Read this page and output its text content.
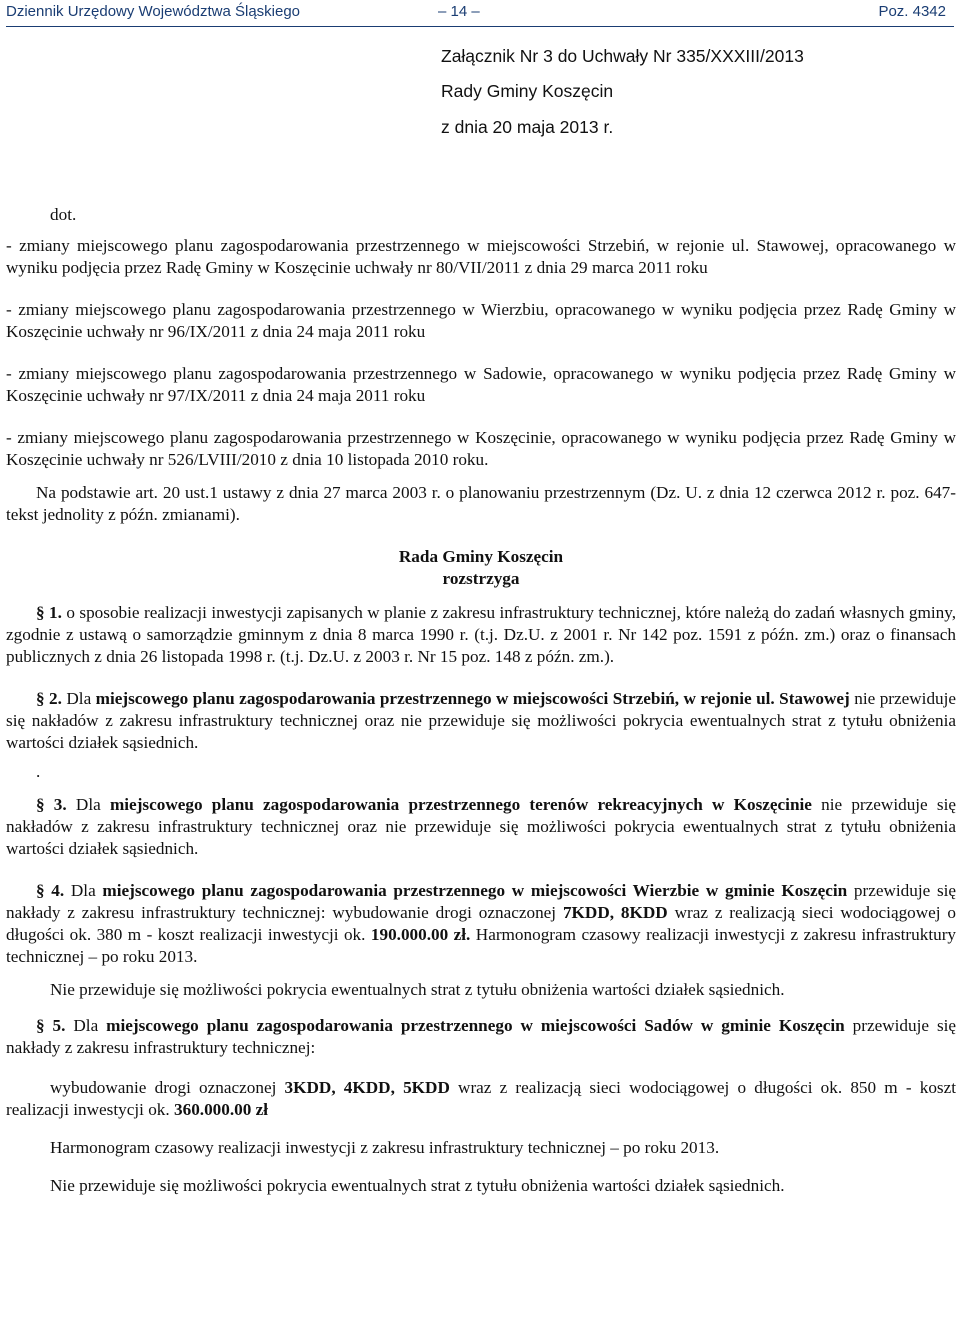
Dziennik Urzędowy Województwa Śląskiego	– 14 –	Poz. 4342
Załącznik Nr 3 do Uchwały Nr 335/XXXIII/2013
Rady Gminy Koszęcin
z dnia 20 maja 2013 r.

dot.

- zmiany miejscowego planu zagospodarowania przestrzennego w miejscowości Strzebiń, w rejonie ul. Stawowej, opracowanego w wyniku podjęcia przez Radę Gminy w Koszęcinie uchwały nr 80/VII/2011 z dnia 29 marca 2011 roku

- zmiany miejscowego planu zagospodarowania przestrzennego w Wierzbiu, opracowanego w wyniku podjęcia przez Radę Gminy w Koszęcinie uchwały nr 96/IX/2011 z dnia 24 maja 2011 roku

- zmiany miejscowego planu zagospodarowania przestrzennego w Sadowie, opracowanego w wyniku podjęcia przez Radę Gminy w Koszęcinie uchwały nr 97/IX/2011 z dnia 24 maja 2011 roku

- zmiany miejscowego planu zagospodarowania przestrzennego w Koszęcinie, opracowanego w wyniku podjęcia przez Radę Gminy w Koszęcinie uchwały nr 526/LVIII/2010 z dnia 10 listopada 2010 roku.

Na podstawie art. 20 ust.1 ustawy z dnia 27 marca 2003 r. o planowaniu przestrzennym (Dz. U. z dnia 12 czerwca 2012 r. poz. 647- tekst jednolity z późn. zmianami).

Rada Gminy Koszęcin

rozstrzyga

§ 1. o sposobie realizacji inwestycji zapisanych w planie z zakresu infrastruktury technicznej, które należą do zadań własnych gminy, zgodnie z ustawą o samorządzie gminnym z dnia 8 marca 1990 r. (t.j. Dz.U. z 2001 r. Nr 142 poz. 1591 z późn. zm.) oraz o finansach publicznych z dnia 26 listopada 1998 r. (t.j. Dz.U. z 2003 r. Nr 15 poz. 148 z późn. zm.).

§ 2. Dla miejscowego planu zagospodarowania przestrzennego w miejscowości Strzebiń, w rejonie ul. Stawowej nie przewiduje się nakładów z zakresu infrastruktury technicznej oraz nie przewiduje się możliwości pokrycia ewentualnych strat z tytułu obniżenia wartości działek sąsiednich.

.

§ 3. Dla miejscowego planu zagospodarowania przestrzennego terenów rekreacyjnych w Koszęcinie nie przewiduje się nakładów z zakresu infrastruktury technicznej oraz nie przewiduje się możliwości pokrycia ewentualnych strat z tytułu obniżenia wartości działek sąsiednich.

§ 4. Dla miejscowego planu zagospodarowania przestrzennego w miejscowości Wierzbie w gminie Koszęcin przewiduje się nakłady z zakresu infrastruktury technicznej: wybudowanie drogi oznaczonej 7KDD, 8KDD wraz z realizacją sieci wodociągowej o długości ok. 380 m - koszt realizacji inwestycji ok. 190.000.00 zł. Harmonogram czasowy realizacji inwestycji z zakresu infrastruktury technicznej – po roku 2013.

Nie przewiduje się możliwości pokrycia ewentualnych strat z tytułu obniżenia wartości działek sąsiednich.

§ 5. Dla miejscowego planu zagospodarowania przestrzennego w miejscowości Sadów w gminie Koszęcin przewiduje się nakłady z zakresu infrastruktury technicznej:

wybudowanie drogi oznaczonej 3KDD, 4KDD, 5KDD wraz z realizacją sieci wodociągowej o długości ok. 850 m - koszt realizacji inwestycji ok. 360.000.00 zł

Harmonogram czasowy realizacji inwestycji z zakresu infrastruktury technicznej – po roku 2013.

Nie przewiduje się możliwości pokrycia ewentualnych strat z tytułu obniżenia wartości działek sąsiednich.
